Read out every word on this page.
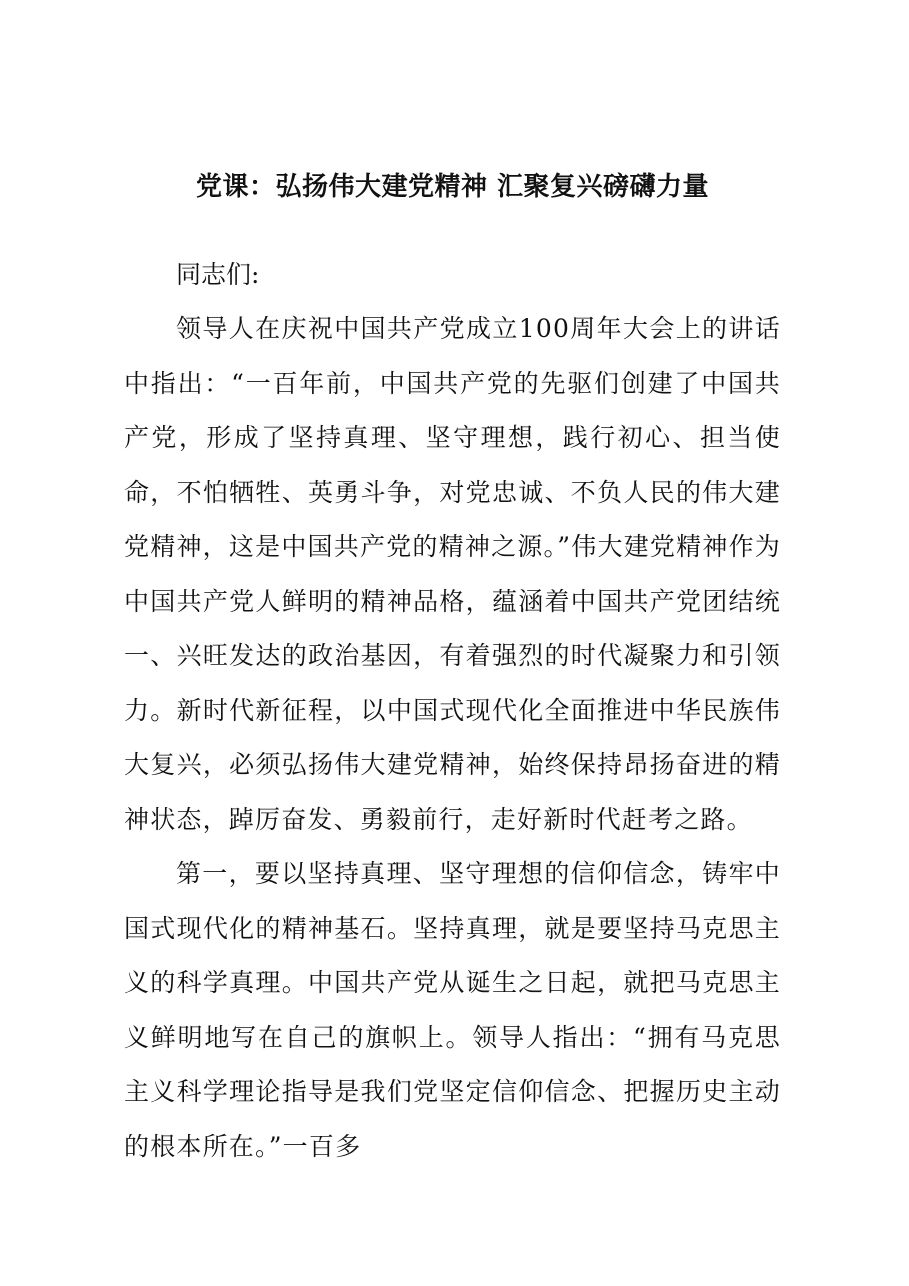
党课：弘扬伟大建党精神 汇聚复兴磅礴力量

同志们:

领导人在庆祝中国共产党成立100周年大会上的讲话中指出：“一百年前，中国共产党的先驱们创建了中国共产党，形成了坚持真理、坚守理想，践行初心、担当使命，不怕牺牲、英勇斗争，对党忠诚、不负人民的伟大建党精神，这是中国共产党的精神之源。”伟大建党精神作为中国共产党人鲜明的精神品格，蕴涵着中国共产党团结统一、兴旺发达的政治基因，有着强烈的时代凝聚力和引领力。新时代新征程，以中国式现代化全面推进中华民族伟大复兴，必须弘扬伟大建党精神，始终保持昂扬奋进的精神状态，踔厉奋发、勇毅前行，走好新时代赶考之路。

第一，要以坚持真理、坚守理想的信仰信念，铸牢中国式现代化的精神基石。坚持真理，就是要坚持马克思主义的科学真理。中国共产党从诞生之日起，就把马克思主义鲜明地写在自己的旗帜上。领导人指出：“拥有马克思主义科学理论指导是我们党坚定信仰信念、把握历史主动的根本所在。”一百多
